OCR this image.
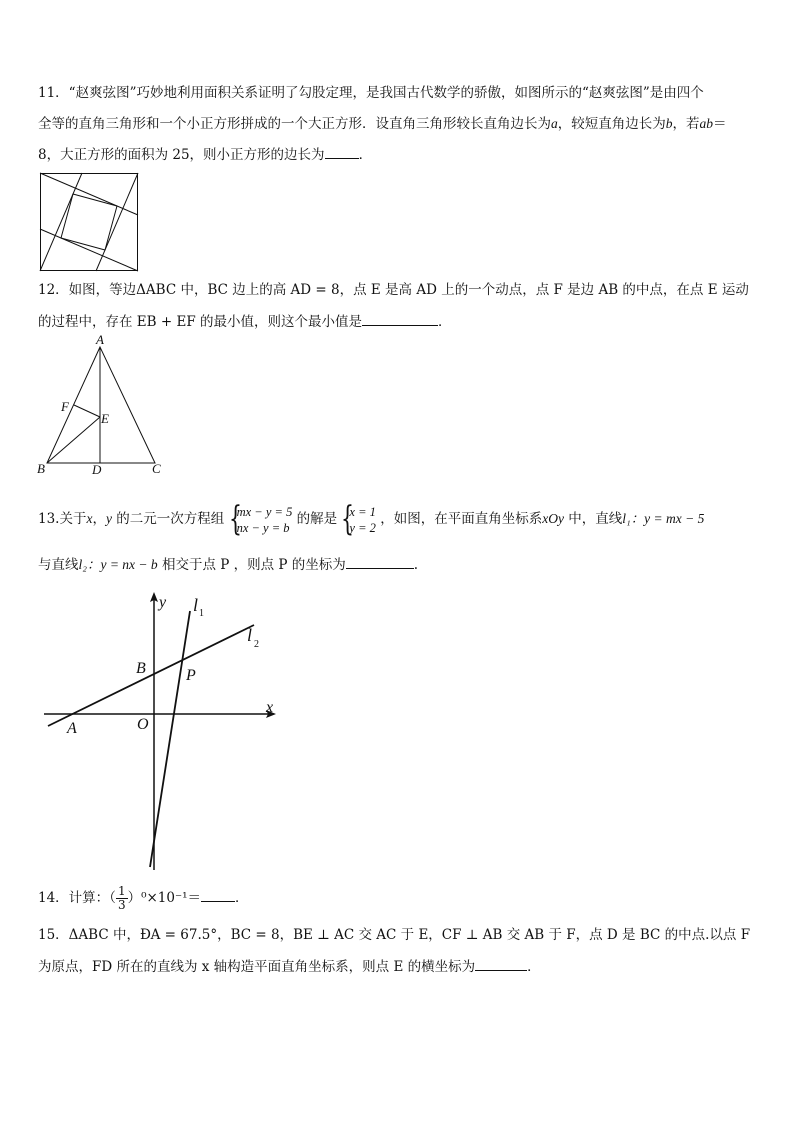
11．“赵爽弦图”巧妙地利用面积关系证明了勾股定理，是我国古代数学的骄傲，如图所示的“赵爽弦图”是由四个
全等的直角三角形和一个小正方形拼成的一个大正方形．设直角三角形较长直角边长为a，较短直角边长为b，若ab＝
8，大正方形的面积为 25，则小正方形的边长为	．
12．如图，等边ΔABC 中，BC 边上的高 AD = 8，点 E 是高 AD 上的一个动点，点 F 是边 AB 的中点，在点 E 运动
的过程中，存在 EB + EF 的最小值，则这个最小值是	．
A
B	C
D
E
F
13.关于x，y 的二元一次方程组 {
mx − y = 5
nx − y = b
的解是 {
x = 1
y = 2
，如图，在平面直角坐标系xOy 中，直线l₁：y = mx − 5
与直线l₂：y = nx − b 相交于点 P ，则点 P 的坐标为	.
y
x
O
A
B	P
l 1
l 2
14．计算：（ $\frac{1}{3} )^0\times 10^{-1}=$	．
15．ΔABC 中，ÐA = 67.5°，BC = 8，BE ⊥ AC 交 AC 于 E，CF ⊥ AB 交 AB 于 F，点 D 是 BC 的中点.以点 F
为原点，FD 所在的直线为 x 轴构造平面直角坐标系，则点 E 的横坐标为	．
